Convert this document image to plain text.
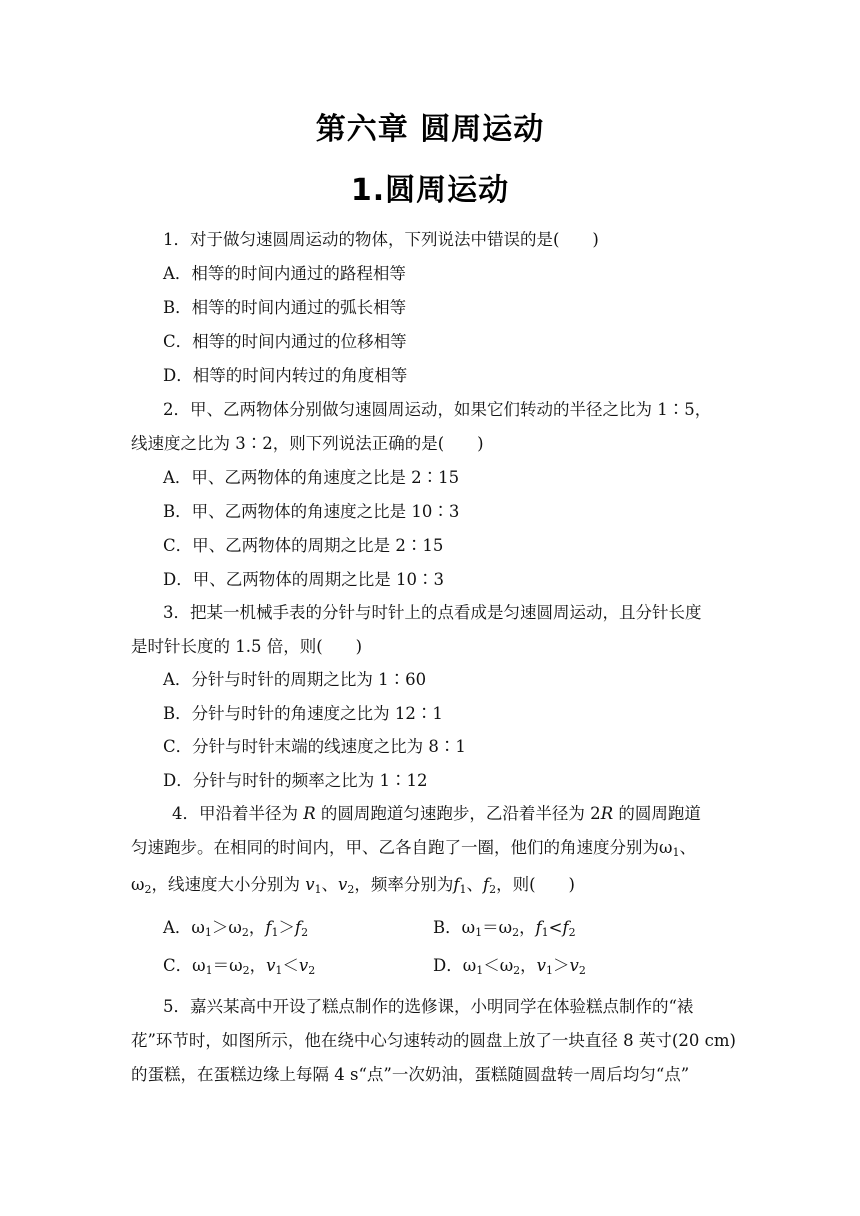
第六章 圆周运动
1.圆周运动
1．对于做匀速圆周运动的物体，下列说法中错误的是(　　)
A．相等的时间内通过的路程相等
B．相等的时间内通过的弧长相等
C．相等的时间内通过的位移相等
D．相等的时间内转过的角度相等
2．甲、乙两物体分别做匀速圆周运动，如果它们转动的半径之比为 1∶5，
线速度之比为 3∶2，则下列说法正确的是(　　)
A．甲、乙两物体的角速度之比是 2∶15
B．甲、乙两物体的角速度之比是 10∶3
C．甲、乙两物体的周期之比是 2∶15
D．甲、乙两物体的周期之比是 10∶3
3．把某一机械手表的分针与时针上的点看成是匀速圆周运动，且分针长度
是时针长度的 1.5 倍，则(　　)
A．分针与时针的周期之比为 1∶60
B．分针与时针的角速度之比为 12∶1
C．分针与时针末端的线速度之比为 8∶1
D．分针与时针的频率之比为 1∶12
4．甲沿着半径为 R 的圆周跑道匀速跑步，乙沿着半径为 2R 的圆周跑道
匀速跑步。在相同的时间内，甲、乙各自跑了一圈，他们的角速度分别为$\omega_1$、
$\omega_2$，线速度大小分别为 $v_1$、$v_2$，频率分别为$f_1$、$f_2$，则(　　)
A．$\omega_1>\omega_2$，$f_1>f_2$	B．$\omega_1=\omega_2$，$f_1<f_2$
C．$\omega_1=\omega_2$，$v_1<v_2$	D．$\omega_1<\omega_2$，$v_1>v_2$
5．嘉兴某高中开设了糕点制作的选修课，小明同学在体验糕点制作的“裱
花”环节时，如图所示，他在绕中心匀速转动的圆盘上放了一块直径 8 英寸(20 cm)
的蛋糕，在蛋糕边缘上每隔 4 s“点”一次奶油，蛋糕随圆盘转一周后均匀“点”
